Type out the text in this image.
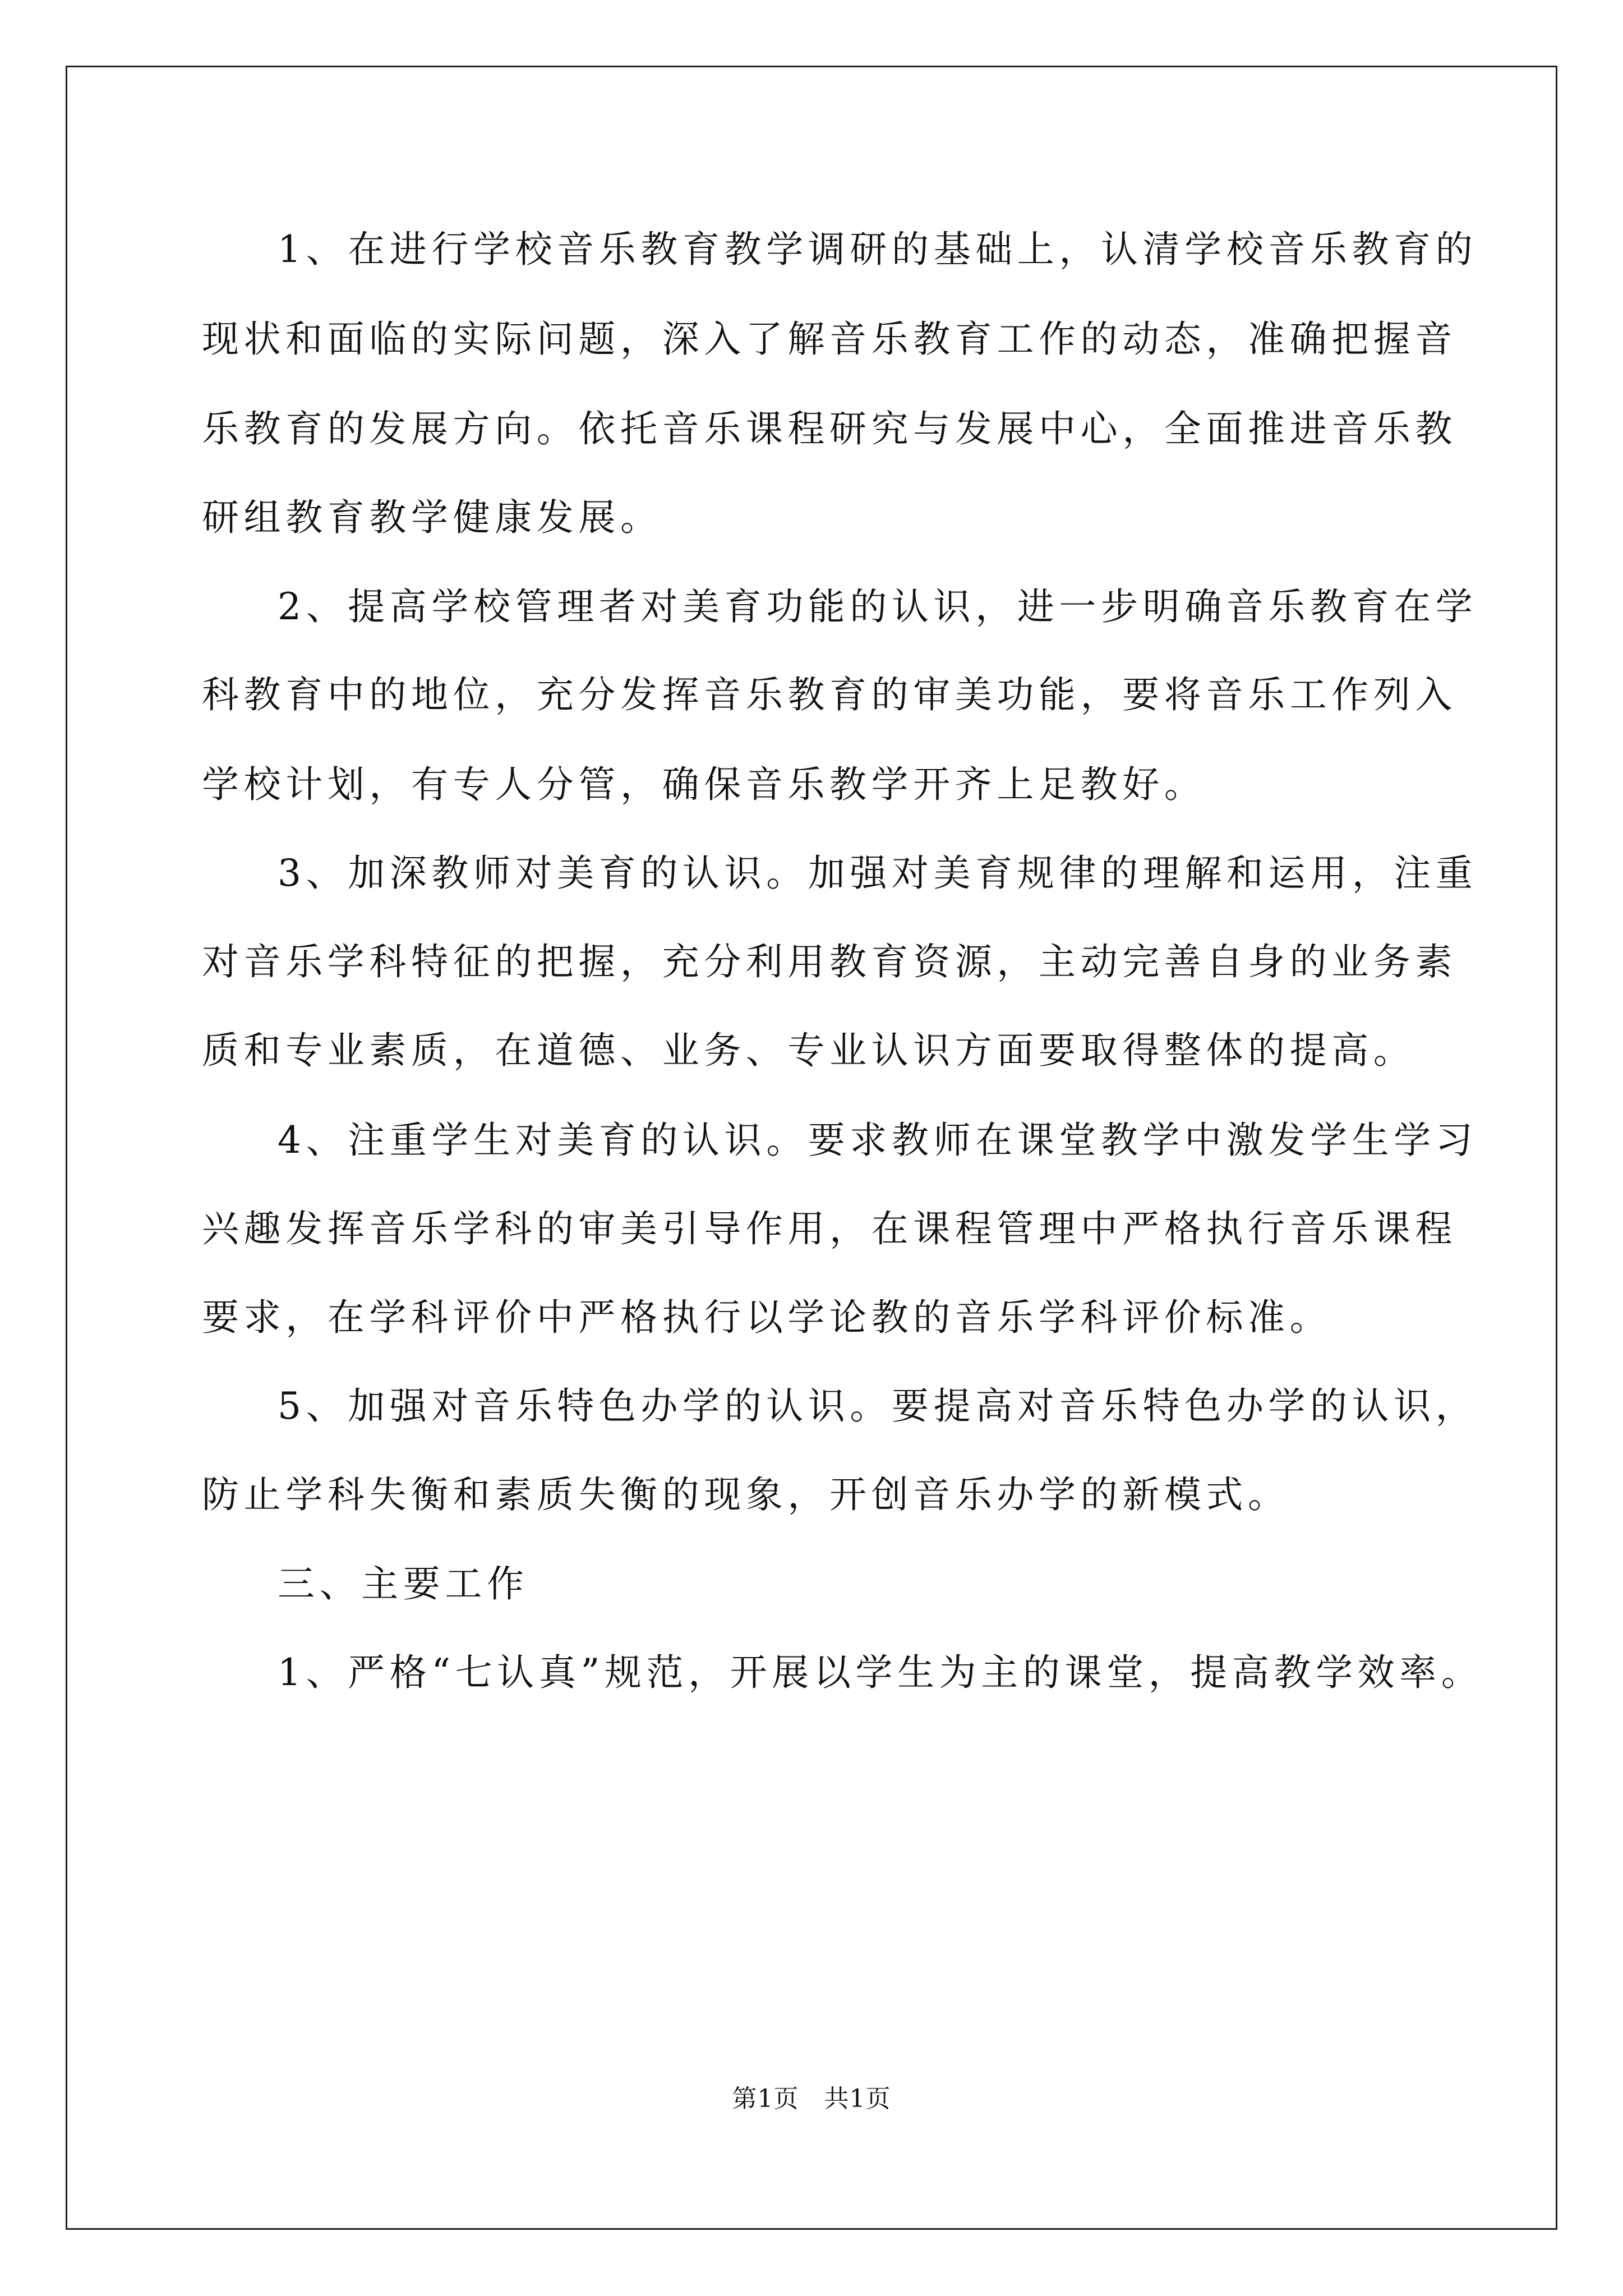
1、在进行学校音乐教育教学调研的基础上，认清学校音乐教育的
现状和面临的实际问题，深入了解音乐教育工作的动态，准确把握音
乐教育的发展方向。依托音乐课程研究与发展中心，全面推进音乐教
研组教育教学健康发展。
2、提高学校管理者对美育功能的认识，进一步明确音乐教育在学
科教育中的地位，充分发挥音乐教育的审美功能，要将音乐工作列入
学校计划，有专人分管，确保音乐教学开齐上足教好。
3、加深教师对美育的认识。加强对美育规律的理解和运用，注重
对音乐学科特征的把握，充分利用教育资源，主动完善自身的业务素
质和专业素质，在道德、业务、专业认识方面要取得整体的提高。
4、注重学生对美育的认识。要求教师在课堂教学中激发学生学习
兴趣发挥音乐学科的审美引导作用，在课程管理中严格执行音乐课程
要求，在学科评价中严格执行以学论教的音乐学科评价标准。
5、加强对音乐特色办学的认识。要提高对音乐特色办学的认识，
防止学科失衡和素质失衡的现象，开创音乐办学的新模式。
三、主要工作
1、严格“七认真”规范，开展以学生为主的课堂，提高教学效率。
第1页　共1页
